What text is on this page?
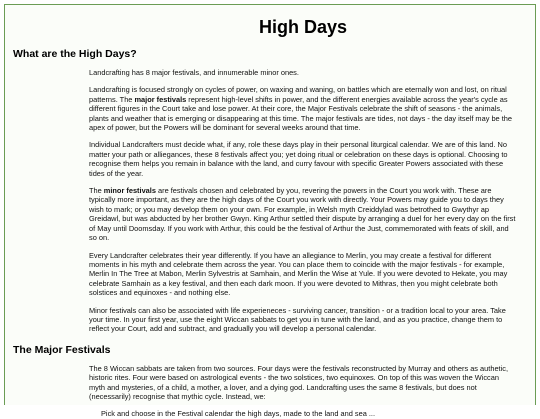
High Days
What are the High Days?

Landcrafting has 8 major festivals, and innumerable minor ones.

Landcrafting is focused strongly on cycles of power, on waxing and waning, on battles which are eternally won and lost, on ritual patterns. The major festivals represent high-level shifts in power, and the different energies available across the year's cycle as different figures in the Court take and lose power. At their core, the Major Festivals celebrate the shift of seasons - the animals, plants and weather that is emerging or disappearing at this time. The major festivals are tides, not days - the day itself may be the apex of power, but the Powers will be dominant for several weeks around that time.

Individual Landcrafters must decide what, if any, role these days play in their personal liturgical calendar. We are of this land. No matter your path or alliegances, these 8 festivals affect you; yet doing ritual or celebration on these days is optional. Choosing to recognise them helps you remain in balance with the land, and curry favour with specific Greater Powers associated with these tides of the year.

The minor festivals are festivals chosen and celebrated by you, revering the powers in the Court you work with. These are typically more important, as they are the high days of the Court you work with directly. Your Powers may guide you to days they wish to mark; or you may develop them on your own. For example, in Welsh myth Creiddylad was betrothed to Gwythyr ap Greidawl, but was abducted by her brother Gwyn. King Arthur settled their dispute by arranging a duel for her every day on the first of May until Doomsday. If you work with Arthur, this could be the festival of Arthur the Just, commemorated with feats of skill, and so on.

Every Landcrafter celebrates their year differently. If you have an allegiance to Merlin, you may create a festival for different moments in his myth and celebrate them across the year. You can place them to coincide with the major festivals - for example, Merlin In The Tree at Mabon, Merlin Sylvestris at Samhain, and Merlin the Wise at Yule. If you were devoted to Hekate, you may celebrate Samhain as a key festival, and then each dark moon. If you were devoted to Mithras, then you might celebrate both solstices and equinoxes - and nothing else.

Minor festivals can also be associated with life experieneces - surviving cancer, transition - or a tradition local to your area. Take your time. In your first year, use the eight Wiccan sabbats to get you in tune with the land, and as you practice, change them to reflect your Court, add and subtract, and gradually you will develop a personal calendar.

The Major Festivals

The 8 Wiccan sabbats are taken from two sources. Four days were the festivals reconstructed by Murray and others as authetic, historic rites. Four were based on astrological events - the two solstices, two equinoxes. On top of this was woven the Wiccan myth and mysteries, of a child, a mother, a lover, and a dying god. Landcrafting uses the same 8 festivals, but does not (necessarily) recognise that mythic cycle. Instead, we:

Pick and choose in the Festival calendar the high days, made to the land and sea ...
